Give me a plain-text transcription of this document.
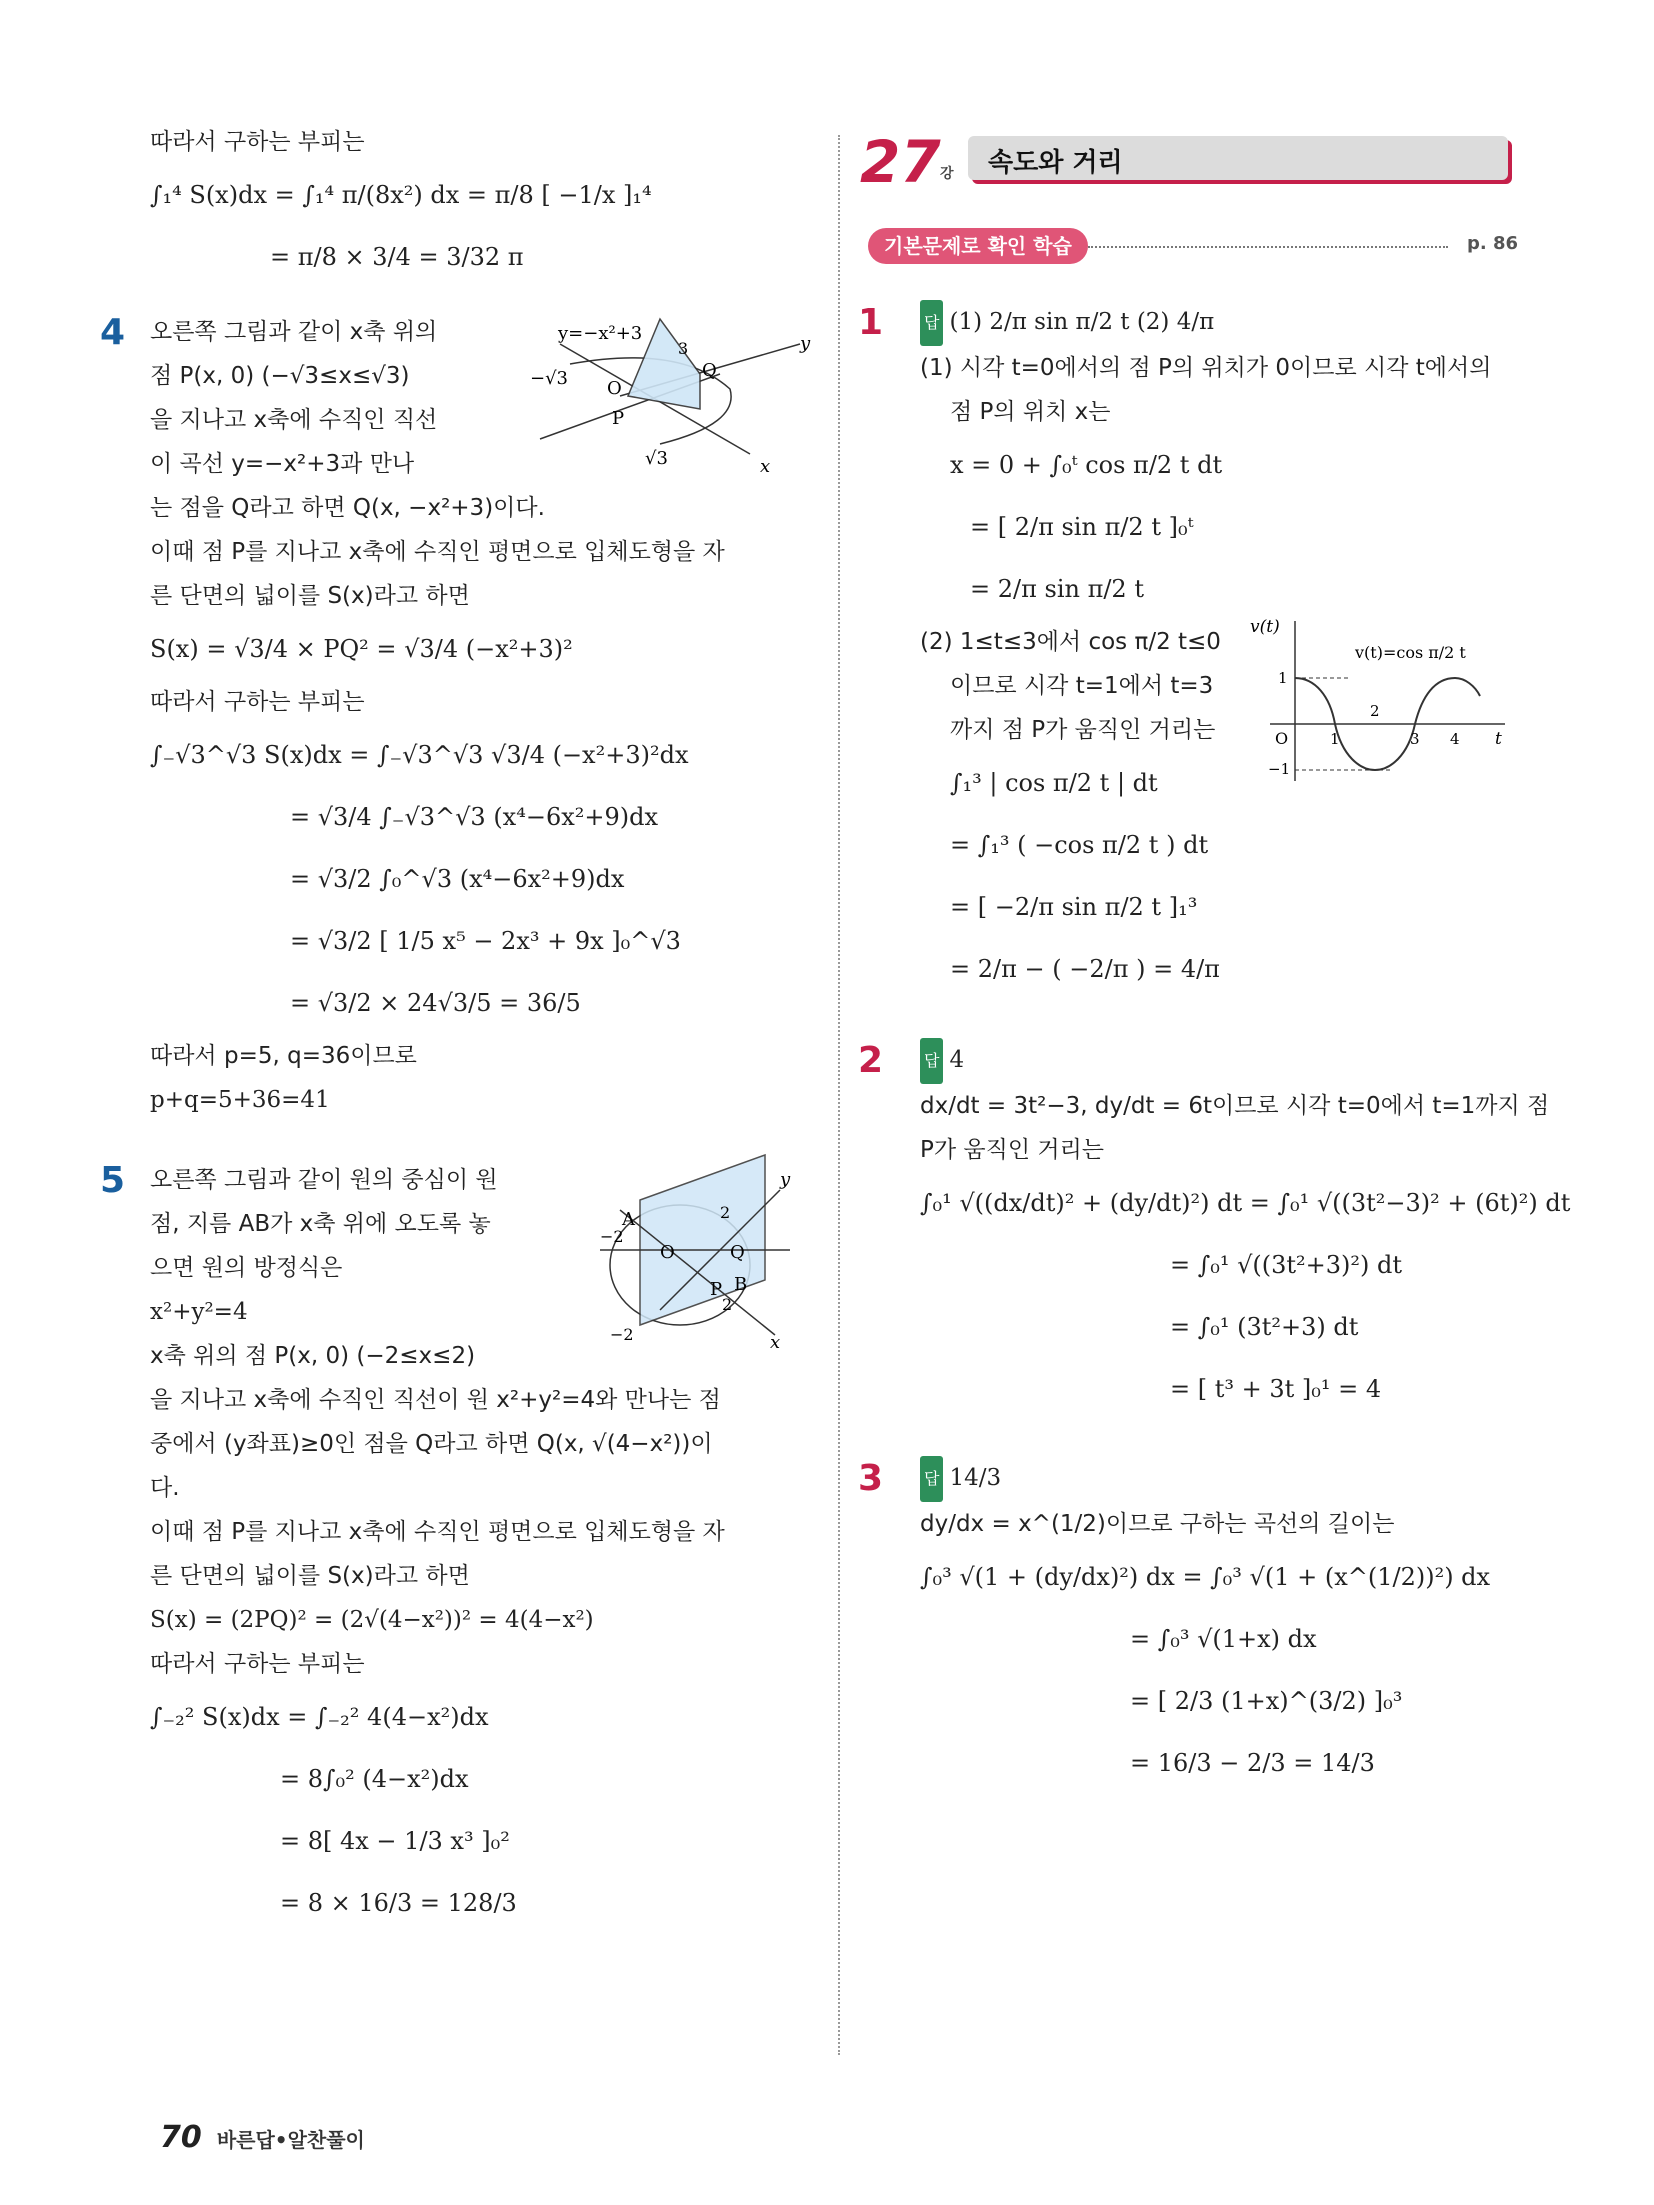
27 강 속도와 거리
기본문제로 확인 학습	p. 86
따라서 구하는 부피는
∫₁⁴ S(x)dx = ∫₁⁴ π/(8x²) dx = π/8 [ −1/x ]₁⁴
= π/8 × 3/4 = 3/32 π
4	y=−x²+3
−√3 O
P
Q
3
√3	x
y
오른쪽 그림과 같이 x축 위의
점 P(x, 0) (−√3≤x≤√3)
을 지나고 x축에 수직인 직선
이 곡선 y=−x²+3과 만나
는 점을 Q라고 하면 Q(x, −x²+3)이다.
이때 점 P를 지나고 x축에 수직인 평면으로 입체도형을 자
른 단면의 넓이를 S(x)라고 하면
S(x) = √3/4 × PQ² = √3/4 (−x²+3)²
따라서 구하는 부피는
∫₋√3^√3 S(x)dx = ∫₋√3^√3 √3/4 (−x²+3)²dx
= √3/4 ∫₋√3^√3 (x⁴−6x²+9)dx
= √3/2 ∫₀^√3 (x⁴−6x²+9)dx
= √3/2 [ 1/5 x⁵ − 2x³ + 9x ]₀^√3
= √3/2 × 24√3/5 = 36/5
따라서 p=5, q=36이므로
p+q=5+36=41
5
A
O
P
Q
B
2
2
−2
−2	x
y
오른쪽 그림과 같이 원의 중심이 원
점, 지름 AB가 x축 위에 오도록 놓
으면 원의 방정식은
x²+y²=4
x축 위의 점 P(x, 0) (−2≤x≤2)
을 지나고 x축에 수직인 직선이 원 x²+y²=4와 만나는 점
중에서 (y좌표)≥0인 점을 Q라고 하면 Q(x, √(4−x²))이
다.
이때 점 P를 지나고 x축에 수직인 평면으로 입체도형을 자
른 단면의 넓이를 S(x)라고 하면
S(x) = (2PQ)² = (2√(4−x²))² = 4(4−x²)
따라서 구하는 부피는
∫₋₂² S(x)dx = ∫₋₂² 4(4−x²)dx
= 8∫₀² (4−x²)dx
= 8[ 4x − 1/3 x³ ]₀²
= 8 × 16/3 = 128/3
1	답 (1) 2/π sin π/2 t (2) 4/π
(1) 시각 t=0에서의 점 P의 위치가 0이므로 시각 t에서의
점 P의 위치 x는
x = 0 + ∫₀ᵗ cos π/2 t dt
= [ 2/π sin π/2 t ]₀ᵗ
= 2/π sin π/2 t
v(t)
v(t)=cos π/2 t
t
O	1
2
3 4
1
−1
(2) 1≤t≤3에서 cos π/2 t≤0
이므로 시각 t=1에서 t=3
까지 점 P가 움직인 거리는
∫₁³ | cos π/2 t | dt
= ∫₁³ ( −cos π/2 t ) dt
= [ −2/π sin π/2 t ]₁³
= 2/π − ( −2/π ) = 4/π
2	답 4
dx/dt = 3t²−3, dy/dt = 6t이므로 시각 t=0에서 t=1까지 점
P가 움직인 거리는
∫₀¹ √((dx/dt)² + (dy/dt)²) dt = ∫₀¹ √((3t²−3)² + (6t)²) dt
= ∫₀¹ √((3t²+3)²) dt
= ∫₀¹ (3t²+3) dt
= [ t³ + 3t ]₀¹ = 4
3	답 14/3
dy/dx = x^(1/2)이므로 구하는 곡선의 길이는
∫₀³ √(1 + (dy/dx)²) dx = ∫₀³ √(1 + (x^(1/2))²) dx
= ∫₀³ √(1+x) dx
= [ 2/3 (1+x)^(3/2) ]₀³
= 16/3 − 2/3 = 14/3
70 바른답•알찬풀이
